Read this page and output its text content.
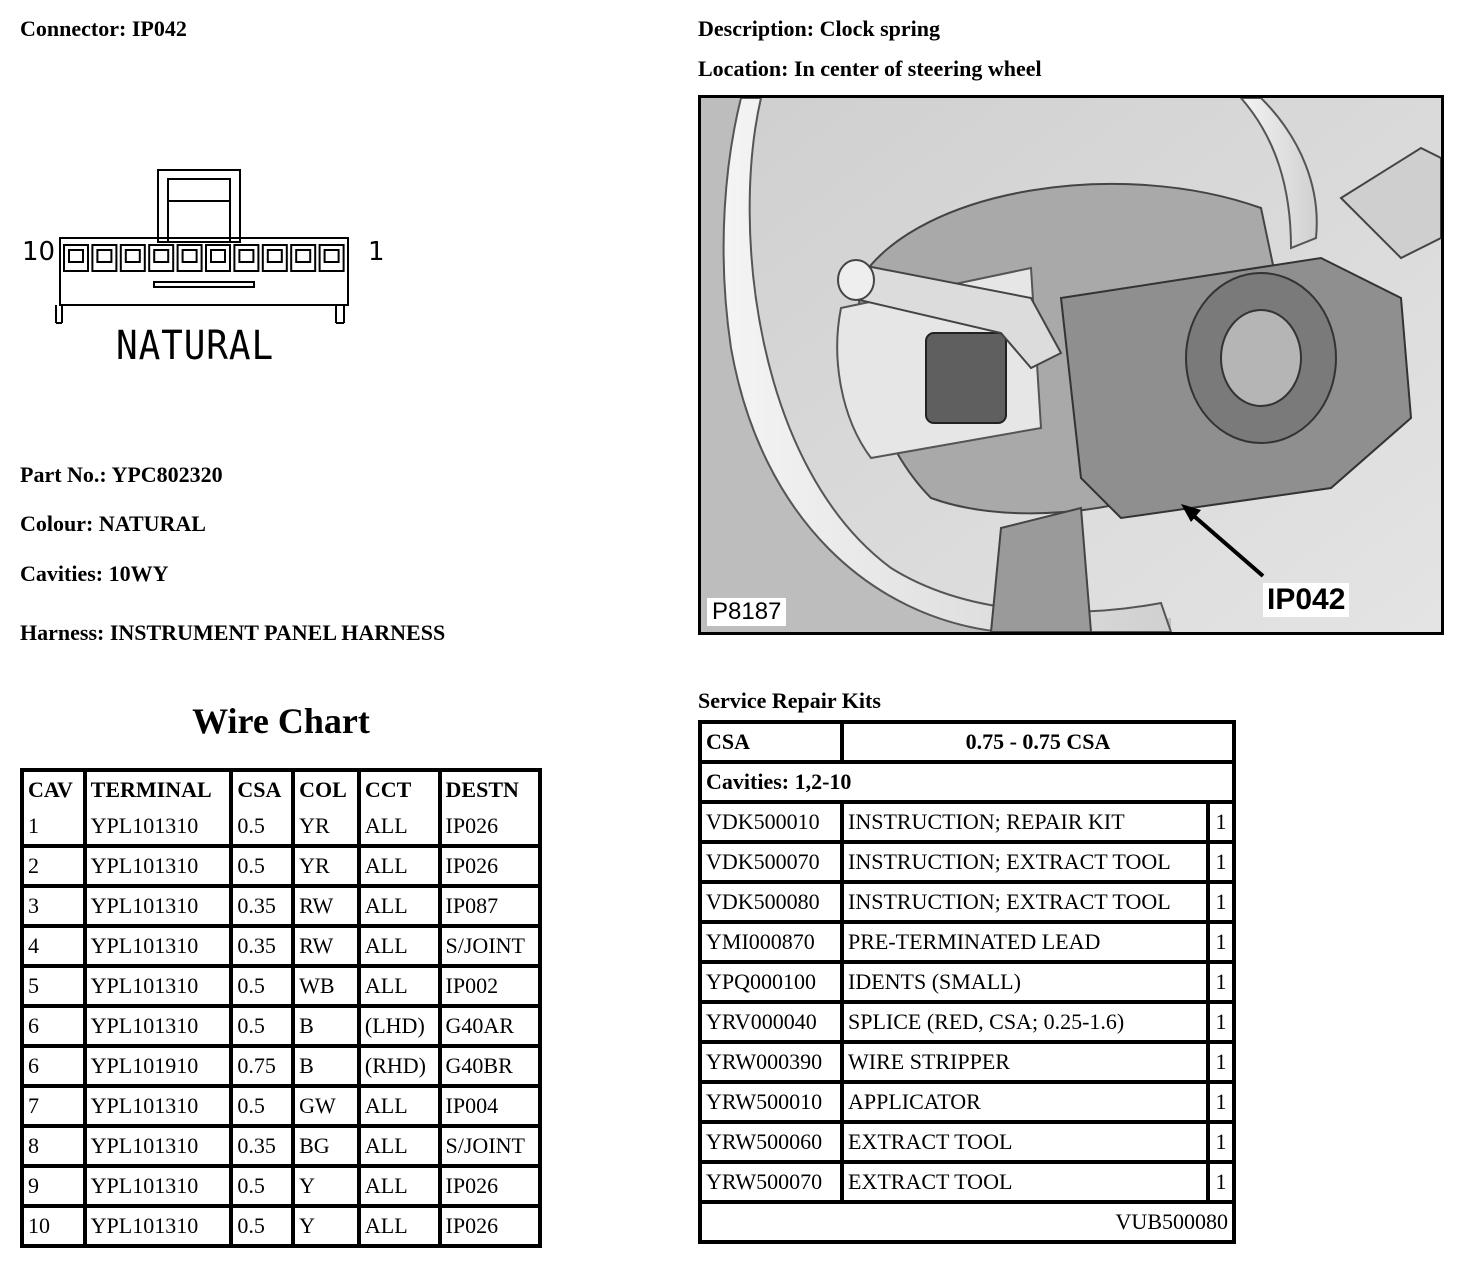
Connector: IP042	Description: Clock spring
Location: In center of steering wheel
10	1
NATURAL
Part No.: YPC802320
Colour: NATURAL
Cavities: 10WY
Harness: INSTRUMENT PANEL HARNESS
P8187	IP042
Wire Chart
CAV	TERMINAL	CSA	COL	CCT	DESTN
1	YPL101310	0.5	YR	ALL	IP026
2	YPL101310	0.5	YR	ALL	IP026
3	YPL101310	0.35	RW	ALL	IP087
4	YPL101310	0.35	RW	ALL	S/JOINT
5	YPL101310	0.5	WB	ALL	IP002
6	YPL101310	0.5	B	(LHD)	G40AR
6	YPL101910	0.75	B	(RHD)	G40BR
7	YPL101310	0.5	GW	ALL	IP004
8	YPL101310	0.35	BG	ALL	S/JOINT
9	YPL101310	0.5	Y	ALL	IP026
10	YPL101310	0.5	Y	ALL	IP026
Service Repair Kits
CSA	0.75 - 0.75 CSA	
Cavities: 1,2-10		
VDK500010	INSTRUCTION; REPAIR KIT	1
VDK500070	INSTRUCTION; EXTRACT TOOL	1
VDK500080	INSTRUCTION; EXTRACT TOOL	1
YMI000870	PRE-TERMINATED LEAD	1
YPQ000100	IDENTS (SMALL)	1
YRV000040	SPLICE (RED, CSA; 0.25-1.6)	1
YRW000390	WIRE STRIPPER	1
YRW500010	APPLICATOR	1
YRW500060	EXTRACT TOOL	1
YRW500070	EXTRACT TOOL	1
VUB500080		
